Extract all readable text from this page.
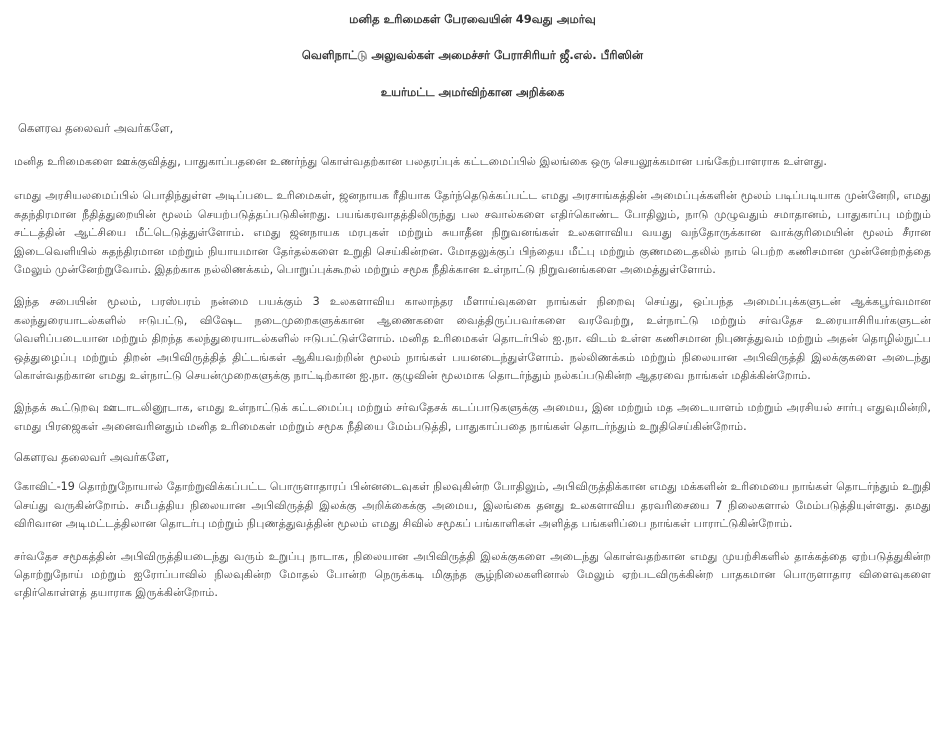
மனித உரிமைகள் பேரவையின் 49வது அமர்வு
வெளிநாட்டு அலுவல்கள் அமைச்சர் பேராசிரியர் ஜீ.எல். பீரிஸின்
உயர்மட்ட அமர்விற்கான அறிக்கை
கௌரவ தலைவர் அவர்களே,
மனித உரிமைகளை ஊக்குவித்து, பாதுகாப்பதனை உணர்ந்து கொள்வதற்கான பலதரப்புக் கட்டமைப்பில் இலங்கை ஒரு செயலூக்கமான பங்கேற்பாளராக உள்ளது.
எமது அரசியலமைப்பில் பொதிந்துள்ள அடிப்படை உரிமைகள், ஜனநாயக ரீதியாக தேர்ந்தெடுக்கப்பட்ட எமது அரசாங்கத்தின் அமைப்புக்களின் மூலம் படிப்படியாக முன்னேறி, எமது சுதந்திரமான நீதித்துறையின் மூலம் செயற்படுத்தப்படுகின்றது. பயங்கரவாதத்திலிருந்து பல சவால்களை எதிர்கொண்ட போதிலும், நாடு முழுவதும் சமாதானம், பாதுகாப்பு மற்றும் சட்டத்தின் ஆட்சியை மீட்டெடுத்துள்ளோம். எமது ஜனநாயக மரபுகள் மற்றும் சுயாதீன நிறுவனங்கள் உலகளாவிய வயது வந்தோருக்கான வாக்குரிமையின் மூலம் சீரான இடைவெளியில் சுதந்திரமான மற்றும் நியாயமான தேர்தல்களை உறுதி செய்கின்றன. மோதலுக்குப் பிந்தைய மீட்பு மற்றும் குணமடைதலில் நாம் பெற்ற கணிசமான முன்னேற்றத்தை மேலும் முன்னேற்றுவோம். இதற்காக நல்லிணக்கம், பொறுப்புக்கூறல் மற்றும் சமூக நீதிக்கான உள்நாட்டு நிறுவனங்களை அமைத்துள்ளோம்.
இந்த சபையின் மூலம், பரஸ்பரம் நன்மை பயக்கும் 3 உலகளாவிய காலாந்தர மீளாய்வுகளை நாங்கள் நிறைவு செய்து, ஒப்பந்த அமைப்புக்களுடன் ஆக்கபூர்வமான கலந்துரையாடல்களில் ஈடுபட்டு, விஷேட நடைமுறைகளுக்கான ஆணைகளை வைத்திருப்பவர்களை வரவேற்று, உள்நாட்டு மற்றும் சர்வதேச உரையாசிரியர்களுடன் வெளிப்படையான மற்றும் திறந்த கலந்துரையாடல்களில் ஈடுபட்டுள்ளோம். மனித உரிமைகள் தொடர்பில் ஐ.நா. விடம் உள்ள கணிசமான நிபுணத்துவம் மற்றும் அதன் தொழில்நுட்ப ஒத்துழைப்பு மற்றும் திறன் அபிவிருத்தித் திட்டங்கள் ஆகியவற்றின் மூலம் நாங்கள் பயனடைந்துள்ளோம். நல்லிணக்கம் மற்றும் நிலையான அபிவிருத்தி இலக்குகளை அடைந்து கொள்வதற்கான எமது உள்நாட்டு செயன்முறைகளுக்கு நாட்டிற்கான ஐ.நா. குழுவின் மூலமாக தொடர்ந்தும் நல்கப்படுகின்ற ஆதரவை நாங்கள் மதிக்கின்றோம்.
இந்தக் கூட்டுறவு ஊடாடலினூடாக, எமது உள்நாட்டுக் கட்டமைப்பு மற்றும் சர்வதேசக் கடப்பாடுகளுக்கு அமைய, இன மற்றும் மத அடையாளம் மற்றும் அரசியல் சார்பு எதுவுமின்றி, எமது பிரஜைகள் அனைவரினதும் மனித உரிமைகள் மற்றும் சமூக நீதியை மேம்படுத்தி, பாதுகாப்பதை நாங்கள் தொடர்ந்தும் உறுதிசெய்கின்றோம்.
கௌரவ தலைவர் அவர்களே,
கோவிட்-19 தொற்றுநோயால் தோற்றுவிக்கப்பட்ட பொருளாதாரப் பின்னடைவுகள் நிலவுகின்ற போதிலும், அபிவிருத்திக்கான எமது மக்களின் உரிமையை நாங்கள் தொடர்ந்தும் உறுதி செய்து வருகின்றோம். சமீபத்திய நிலையான அபிவிருத்தி இலக்கு அறிக்கைக்கு அமைய, இலங்கை தனது உலகளாவிய தரவரிசையை 7 நிலைகளால் மேம்படுத்தியுள்ளது. தமது விரிவான அடிமட்டத்திலான தொடர்பு மற்றும் நிபுணத்துவத்தின் மூலம் எமது சிவில் சமூகப் பங்காளிகள் அளித்த பங்களிப்பை நாங்கள் பாராட்டுகின்றோம்.
சர்வதேச சமூகத்தின் அபிவிருத்தியடைந்து வரும் உறுப்பு நாடாக, நிலையான அபிவிருத்தி இலக்குகளை அடைந்து கொள்வதற்கான எமது முயற்சிகளில் தாக்கத்தை ஏற்படுத்துகின்ற தொற்றுநோய் மற்றும் ஐரோப்பாவில் நிலவுகின்ற மோதல் போன்ற நெருக்கடி மிகுந்த சூழ்நிலைகளினால் மேலும் ஏற்படவிருக்கின்ற பாதகமான பொருளாதார விளைவுகளை எதிர்கொள்ளத் தயாராக இருக்கின்றோம்.
